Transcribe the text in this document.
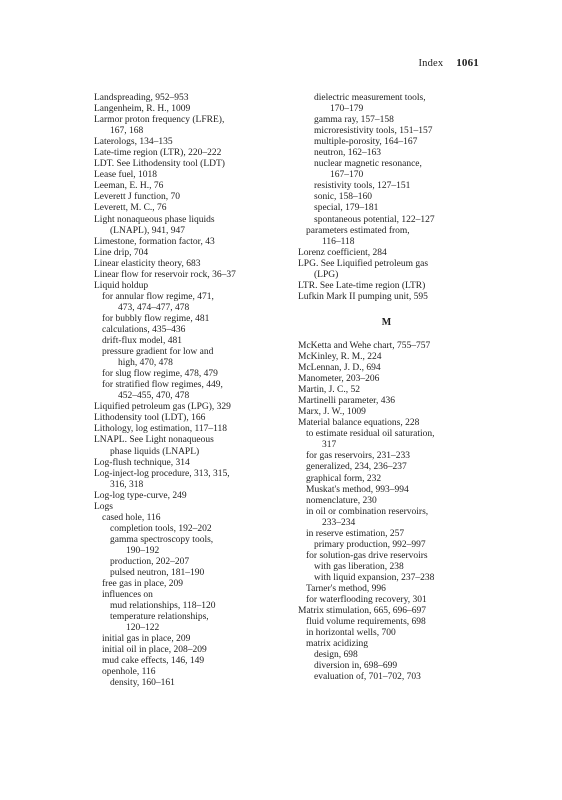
Index 1061
Landspreading, 952–953
Langenheim, R. H., 1009
Larmor proton frequency (LFRE),
167, 168
Laterologs, 134–135
Late-time region (LTR), 220–222
LDT. See Lithodensity tool (LDT)
Lease fuel, 1018
Leeman, E. H., 76
Leverett J function, 70
Leverett, M. C., 76
Light nonaqueous phase liquids
(LNAPL), 941, 947
Limestone, formation factor, 43
Line drip, 704
Linear elasticity theory, 683
Linear flow for reservoir rock, 36–37
Liquid holdup
for annular flow regime, 471,
473, 474–477, 478
for bubbly flow regime, 481
calculations, 435–436
drift-flux model, 481
pressure gradient for low and
high, 470, 478
for slug flow regime, 478, 479
for stratified flow regimes, 449,
452–455, 470, 478
Liquified petroleum gas (LPG), 329
Lithodensity tool (LDT), 166
Lithology, log estimation, 117–118
LNAPL. See Light nonaqueous
phase liquids (LNAPL)
Log-flush technique, 314
Log-inject-log procedure, 313, 315,
316, 318
Log-log type-curve, 249
Logs
cased hole, 116
completion tools, 192–202
gamma spectroscopy tools,
190–192
production, 202–207
pulsed neutron, 181–190
free gas in place, 209
influences on
mud relationships, 118–120
temperature relationships,
120–122
initial gas in place, 209
initial oil in place, 208–209
mud cake effects, 146, 149
openhole, 116
density, 160–161
dielectric measurement tools,
170–179
gamma ray, 157–158
microresistivity tools, 151–157
multiple-porosity, 164–167
neutron, 162–163
nuclear magnetic resonance,
167–170
resistivity tools, 127–151
sonic, 158–160
special, 179–181
spontaneous potential, 122–127
parameters estimated from,
116–118
Lorenz coefficient, 284
LPG. See Liquified petroleum gas
(LPG)
LTR. See Late-time region (LTR)
Lufkin Mark II pumping unit, 595
M
McKetta and Wehe chart, 755–757
McKinley, R. M., 224
McLennan, J. D., 694
Manometer, 203–206
Martin, J. C., 52
Martinelli parameter, 436
Marx, J. W., 1009
Material balance equations, 228
to estimate residual oil saturation,
317
for gas reservoirs, 231–233
generalized, 234, 236–237
graphical form, 232
Muskat's method, 993–994
nomenclature, 230
in oil or combination reservoirs,
233–234
in reserve estimation, 257
primary production, 992–997
for solution-gas drive reservoirs
with gas liberation, 238
with liquid expansion, 237–238
Tarner's method, 996
for waterflooding recovery, 301
Matrix stimulation, 665, 696–697
fluid volume requirements, 698
in horizontal wells, 700
matrix acidizing
design, 698
diversion in, 698–699
evaluation of, 701–702, 703
